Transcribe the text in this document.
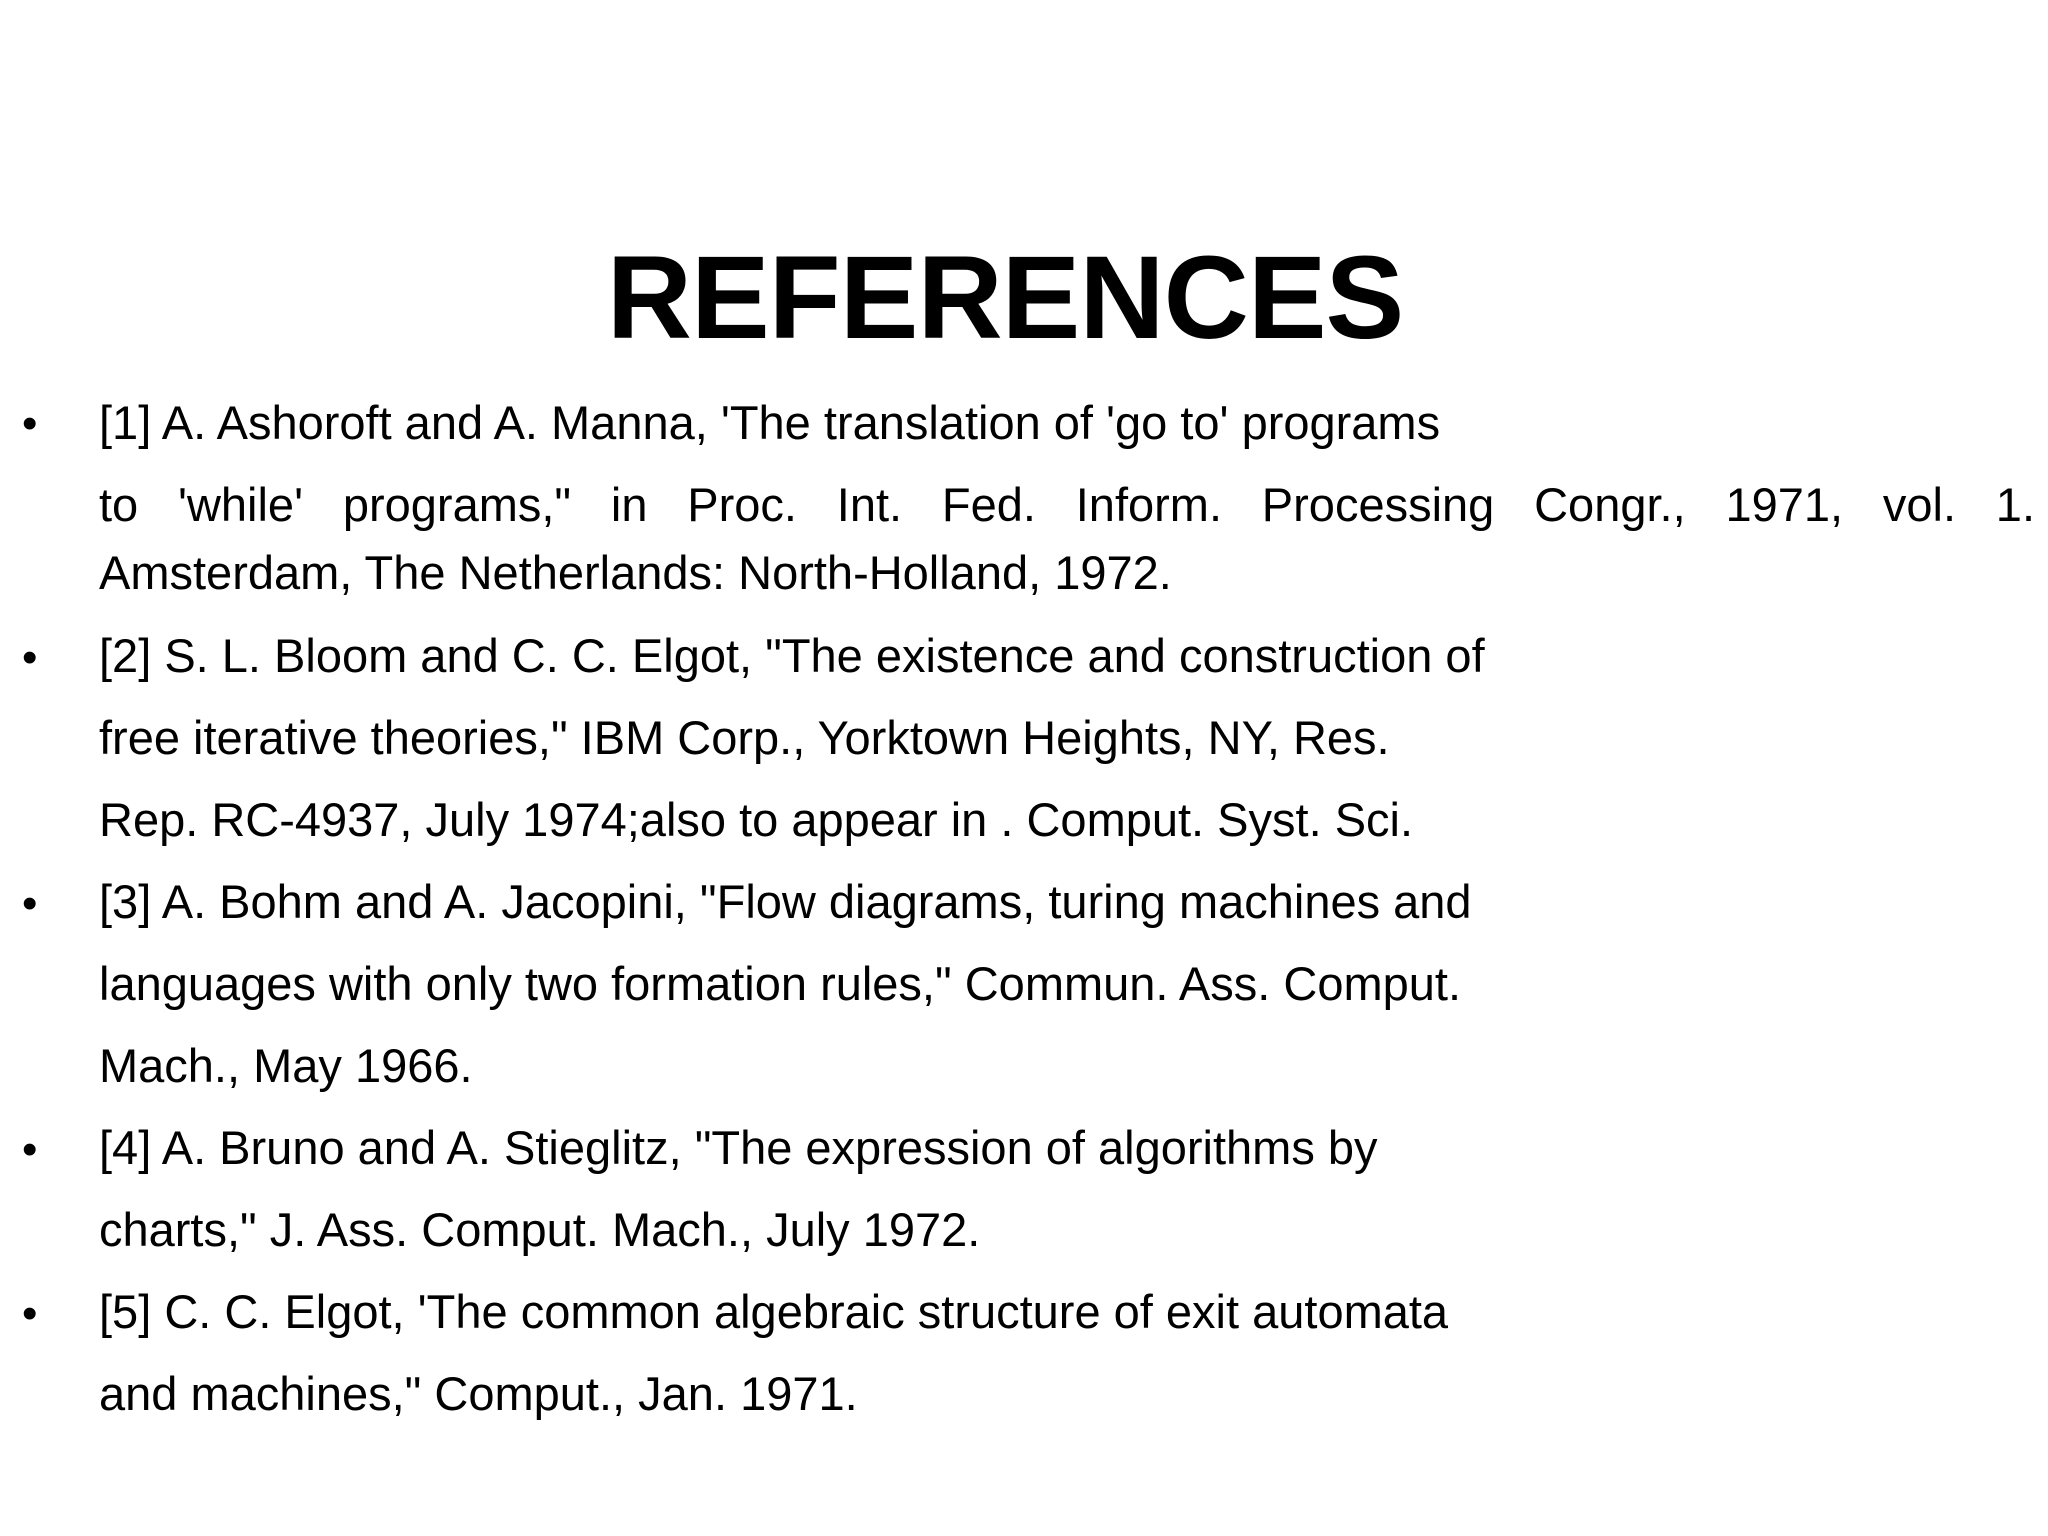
REFERENCES
• [1] A. Ashoroft and A. Manna, 'The translation of 'go to' programs
to 'while' programs," in Proc. Int. Fed. Inform. Processing Congr., 1971, vol. 1.
Amsterdam, The Netherlands: North-Holland, 1972.
• [2] S. L. Bloom and C. C. Elgot, "The existence and construction of
free iterative theories," IBM Corp., Yorktown Heights, NY, Res.
Rep. RC-4937, July 1974;also to appear in . Comput. Syst. Sci.
• [3] A. Bohm and A. Jacopini, "Flow diagrams, turing machines and
languages with only two formation rules," Commun. Ass. Comput.
Mach., May 1966.
• [4] A. Bruno and A. Stieglitz, "The expression of algorithms by
charts," J. Ass. Comput. Mach., July 1972.
• [5] C. C. Elgot, 'The common algebraic structure of exit automata
and machines," Comput., Jan. 1971.
